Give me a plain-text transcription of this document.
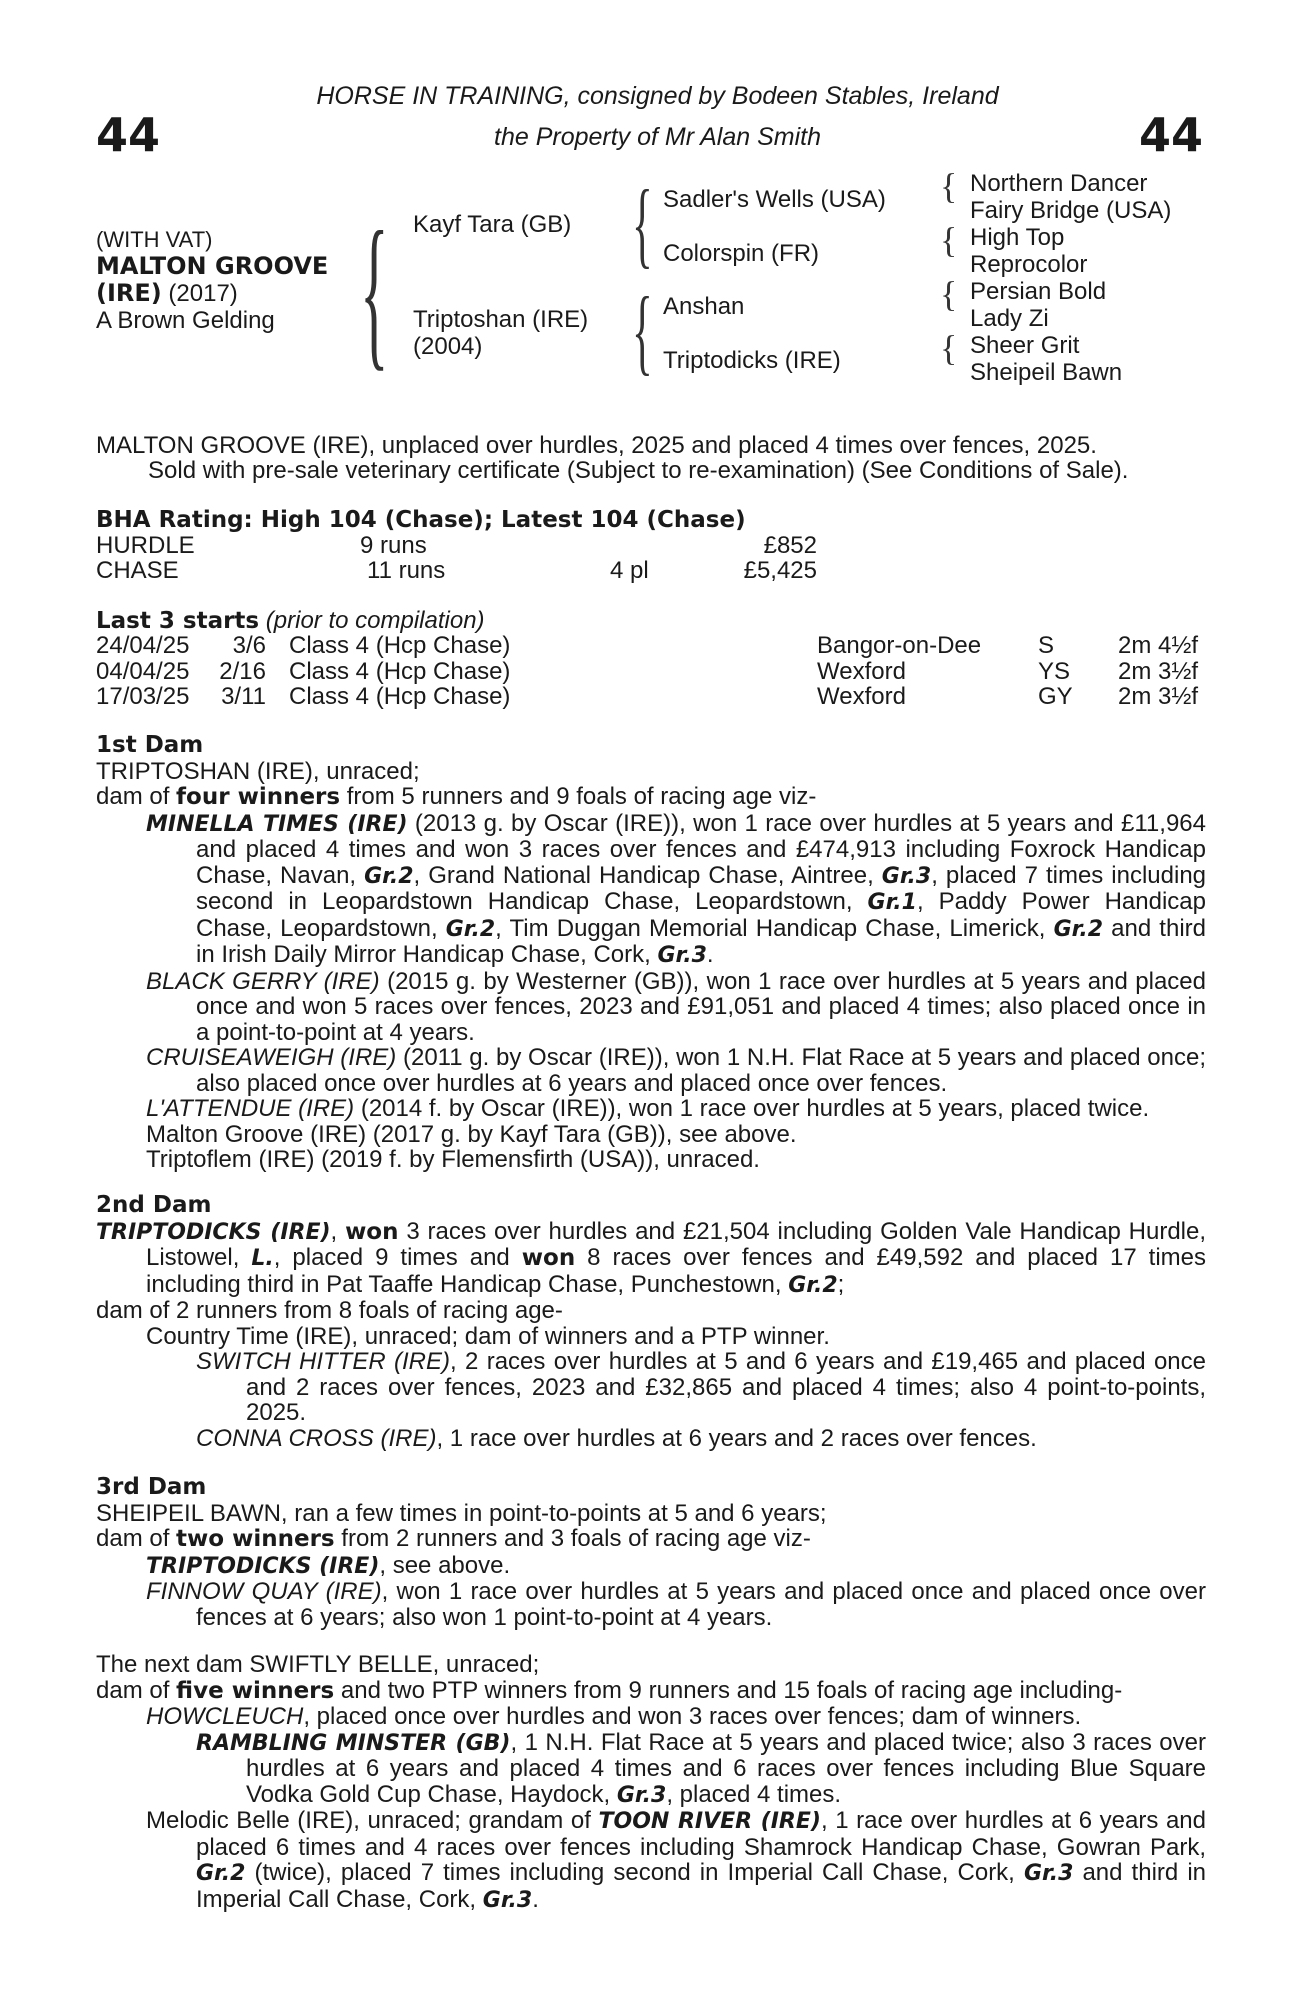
44	44
HORSE IN TRAINING, consigned by Bodeen Stables, Ireland
the Property of Mr Alan Smith
(WITH VAT)
MALTON GROOVE
(IRE) (2017)
A Brown Gelding { Kayf Tara (GB)
Triptoshan (IRE)
(2004)
{
{
Sadler's Wells (USA)
Colorspin (FR)
Anshan
Triptodicks (IRE)
{
{
{
{
Northern Dancer
Fairy Bridge (USA)
High Top
Reprocolor
Persian Bold
Lady Zi
Sheer Grit
Sheipeil Bawn
MALTON GROOVE (IRE), unplaced over hurdles, 2025 and placed 4 times over fences, 2025.
Sold with pre-sale veterinary certificate (Subject to re-examination) (See Conditions of Sale).
BHA Rating: High 104 (Chase); Latest 104 (Chase)
HURDLE	9 runs	£852
CHASE	11 runs	4 pl	£5,425
Last 3 starts (prior to compilation)
24/04/25	3/6 Class 4 (Hcp Chase)	Bangor-on-Dee S	2m 4½f
04/04/25	2/16 Class 4 (Hcp Chase)	Wexford	YS 2m 3½f
17/03/25	3/11 Class 4 (Hcp Chase)	Wexford	GY 2m 3½f

1st Dam

TRIPTOSHAN (IRE), unraced;

dam of four winners from 5 runners and 9 foals of racing age viz-

MINELLA TIMES (IRE) (2013 g. by Oscar (IRE)), won 1 race over hurdles at 5 years and £11,964 and placed 4 times and won 3 races over fences and £474,913 including Foxrock Handicap Chase, Navan, Gr.2, Grand National Handicap Chase, Aintree, Gr.3, placed 7 times including second in Leopardstown Handicap Chase, Leopardstown, Gr.1, Paddy Power Handicap Chase, Leopardstown, Gr.2, Tim Duggan Memorial Handicap Chase, Limerick, Gr.2 and third in Irish Daily Mirror Handicap Chase, Cork, Gr.3.
BLACK GERRY (IRE) (2015 g. by Westerner (GB)), won 1 race over hurdles at 5 years and placed once and won 5 races over fences, 2023 and £91,051 and placed 4 times; also placed once in a point-to-point at 4 years.
CRUISEAWEIGH (IRE) (2011 g. by Oscar (IRE)), won 1 N.H. Flat Race at 5 years and placed once; also placed once over hurdles at 6 years and placed once over fences.
L'ATTENDUE (IRE) (2014 f. by Oscar (IRE)), won 1 race over hurdles at 5 years, placed twice.
Malton Groove (IRE) (2017 g. by Kayf Tara (GB)), see above.
Triptoflem (IRE) (2019 f. by Flemensfirth (USA)), unraced.

2nd Dam

TRIPTODICKS (IRE), won 3 races over hurdles and £21,504 including Golden Vale Handicap Hurdle, Listowel, L., placed 9 times and won 8 races over fences and £49,592 and placed 17 times including third in Pat Taaffe Handicap Chase, Punchestown, Gr.2;

dam of 2 runners from 8 foals of racing age-

Country Time (IRE), unraced; dam of winners and a PTP winner.
SWITCH HITTER (IRE), 2 races over hurdles at 5 and 6 years and £19,465 and placed once and 2 races over fences, 2023 and £32,865 and placed 4 times; also 4 point-to-points, 2025.
CONNA CROSS (IRE), 1 race over hurdles at 6 years and 2 races over fences.

3rd Dam

SHEIPEIL BAWN, ran a few times in point-to-points at 5 and 6 years;

dam of two winners from 2 runners and 3 foals of racing age viz-

TRIPTODICKS (IRE), see above.
FINNOW QUAY (IRE), won 1 race over hurdles at 5 years and placed once and placed once over fences at 6 years; also won 1 point-to-point at 4 years.

The next dam SWIFTLY BELLE, unraced;

dam of five winners and two PTP winners from 9 runners and 15 foals of racing age including-

HOWCLEUCH, placed once over hurdles and won 3 races over fences; dam of winners.
RAMBLING MINSTER (GB), 1 N.H. Flat Race at 5 years and placed twice; also 3 races over hurdles at 6 years and placed 4 times and 6 races over fences including Blue Square Vodka Gold Cup Chase, Haydock, Gr.3, placed 4 times.
Melodic Belle (IRE), unraced; grandam of TOON RIVER (IRE), 1 race over hurdles at 6 years and placed 6 times and 4 races over fences including Shamrock Handicap Chase, Gowran Park, Gr.2 (twice), placed 7 times including second in Imperial Call Chase, Cork, Gr.3 and third in Imperial Call Chase, Cork, Gr.3.
